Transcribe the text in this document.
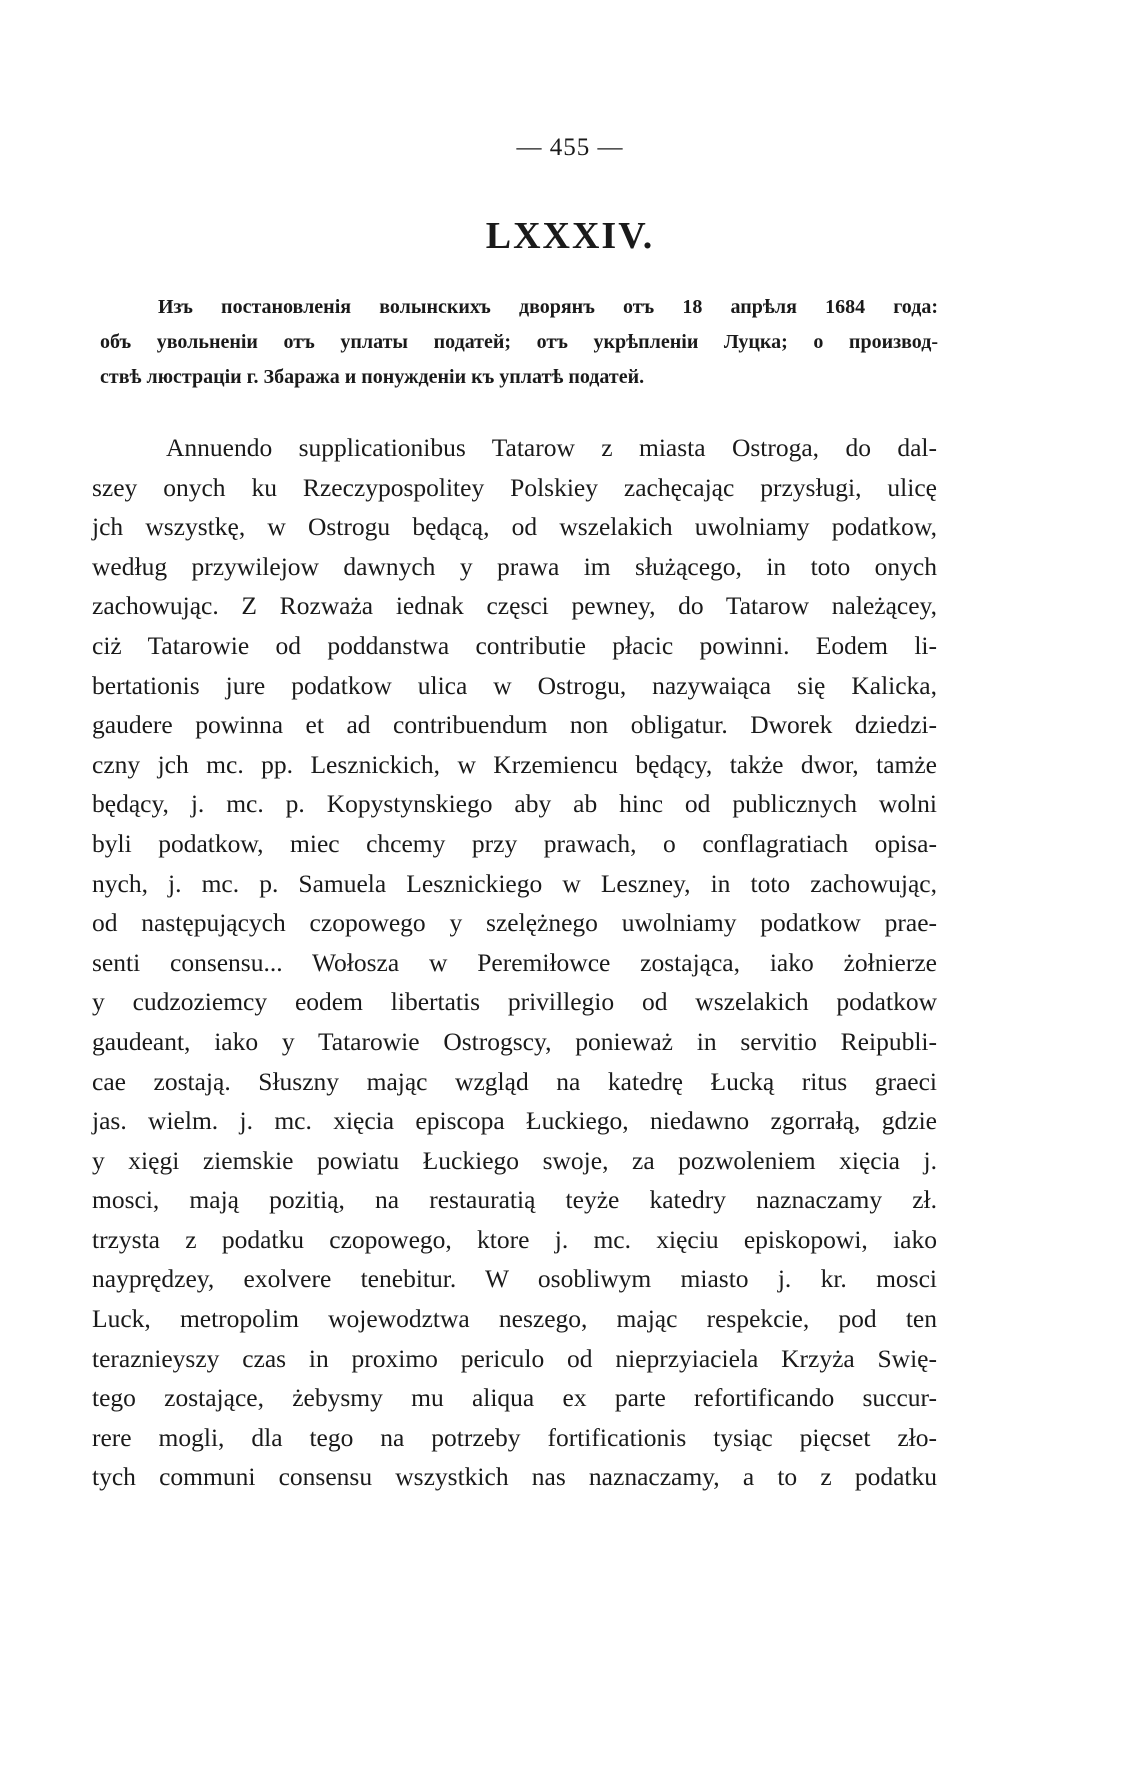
— 455 —
LXXXIV.
Изъ постановленія волынскихъ дворянъ отъ 18 апрѣля 1684 года:
объ увольненіи отъ уплаты податей; отъ укрѣпленіи Луцка; о производ-
ствѣ люстраціи г. Збаража и понужденіи къ уплатѣ податей.
Annuendo supplicationibus Tatarow z miasta Ostroga, do dal-
szey onych ku Rzeczypospolitey Polskiey zachęcając przysługi, ulicę
jch wszystkę, w Ostrogu będącą, od wszelakich uwolniamy podatkow,
według przywilejow dawnych y prawa im służącego, in toto onych
zachowując. Z Rozważa iednak częsci pewney, do Tatarow należącey,
ciż Tatarowie od poddanstwa contributie płacic powinni. Eodem li-
bertationis jure podatkow ulica w Ostrogu, nazywaiąca się Kalicka,
gaudere powinna et ad contribuendum non obligatur. Dworek dziedzi-
czny jch mc. pp. Lesznickich, w Krzemiencu będący, także dwor, tamże
będący, j. mc. p. Kopystynskiego aby ab hinc od publicznych wolni
byli podatkow, miec chcemy przy prawach, o conflagratiach opisa-
nych, j. mc. p. Samuela Lesznickiego w Leszney, in toto zachowując,
od następujących czopowego y szelężnego uwolniamy podatkow prae-
senti consensu... Wołosza w Peremiłowce zostająca, iako żołnierze
y cudzoziemcy eodem libertatis privillegio od wszelakich podatkow
gaudeant, iako y Tatarowie Ostrogscy, ponieważ in servitio Reipubli-
cae zostają. Słuszny mając wzgląd na katedrę Łucką ritus graeci
jas. wielm. j. mc. xięcia episcopa Łuckiego, niedawno zgorrałą, gdzie
y xięgi ziemskie powiatu Łuckiego swoje, za pozwoleniem xięcia j.
mosci, mają pozitią, na restauratią teyże katedry naznaczamy zł.
trzysta z podatku czopowego, ktore j. mc. xięciu episkopowi, iako
nayprędzey, exolvere tenebitur. W osobliwym miasto j. kr. mosci
Luck, metropolim wojewodztwa neszego, mając respekcie, pod ten
teraznieyszy czas in proximo periculo od nieprzyiaciela Krzyża Swię-
tego zostające, żebysmy mu aliqua ex parte refortificando succur-
rere mogli, dla tego na potrzeby fortificationis tysiąc pięcset zło-
tych communi consensu wszystkich nas naznaczamy, a to z podatku
